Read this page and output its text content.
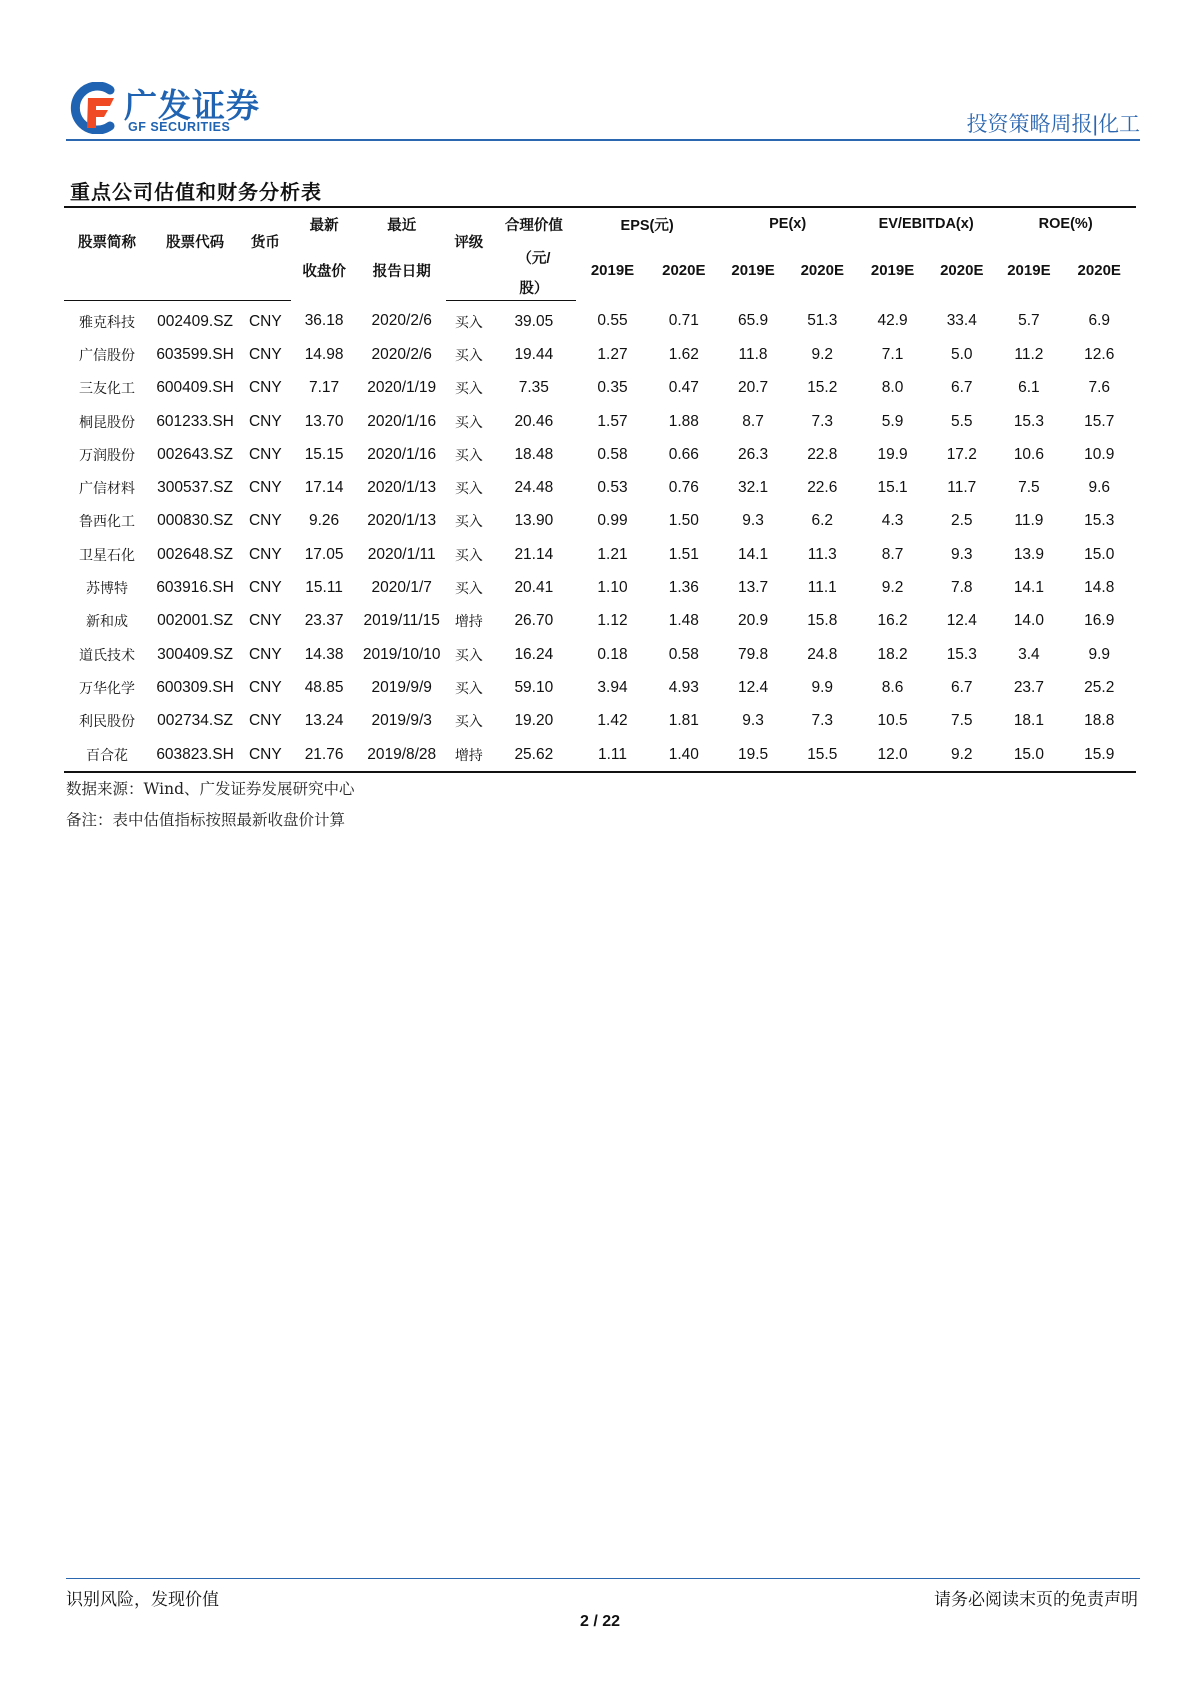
广发证券
GF SECURITIES	投资策略周报|化工
重点公司估值和财务分析表
股票简称	股票代码	货币	最新	最近	评级	合理价值	EPS(元)		PE(x)		EV/EBITDA(x)		ROE(%)	
			收盘价	报告日期		（元/	2019E	2020E	2019E	2020E	2019E	2020E	2019E	2020E
						股）								
雅克科技	002409.SZ	CNY	36.18	2020/2/6	买入	39.05	0.55	0.71	65.9	51.3	42.9	33.4	5.7	6.9
广信股份	603599.SH	CNY	14.98	2020/2/6	买入	19.44	1.27	1.62	11.8	9.2	7.1	5.0	11.2	12.6
三友化工	600409.SH	CNY	7.17	2020/1/19	买入	7.35	0.35	0.47	20.7	15.2	8.0	6.7	6.1	7.6
桐昆股份	601233.SH	CNY	13.70	2020/1/16	买入	20.46	1.57	1.88	8.7	7.3	5.9	5.5	15.3	15.7
万润股份	002643.SZ	CNY	15.15	2020/1/16	买入	18.48	0.58	0.66	26.3	22.8	19.9	17.2	10.6	10.9
广信材料	300537.SZ	CNY	17.14	2020/1/13	买入	24.48	0.53	0.76	32.1	22.6	15.1	11.7	7.5	9.6
鲁西化工	000830.SZ	CNY	9.26	2020/1/13	买入	13.90	0.99	1.50	9.3	6.2	4.3	2.5	11.9	15.3
卫星石化	002648.SZ	CNY	17.05	2020/1/11	买入	21.14	1.21	1.51	14.1	11.3	8.7	9.3	13.9	15.0
苏博特	603916.SH	CNY	15.11	2020/1/7	买入	20.41	1.10	1.36	13.7	11.1	9.2	7.8	14.1	14.8
新和成	002001.SZ	CNY	23.37	2019/11/15	增持	26.70	1.12	1.48	20.9	15.8	16.2	12.4	14.0	16.9
道氏技术	300409.SZ	CNY	14.38	2019/10/10	买入	16.24	0.18	0.58	79.8	24.8	18.2	15.3	3.4	9.9
万华化学	600309.SH	CNY	48.85	2019/9/9	买入	59.10	3.94	4.93	12.4	9.9	8.6	6.7	23.7	25.2
利民股份	002734.SZ	CNY	13.24	2019/9/3	买入	19.20	1.42	1.81	9.3	7.3	10.5	7.5	18.1	18.8
百合花	603823.SH	CNY	21.76	2019/8/28	增持	25.62	1.11	1.40	19.5	15.5	12.0	9.2	15.0	15.9
数据来源：Wind、广发证券发展研究中心
备注：表中估值指标按照最新收盘价计算
识别风险，发现价值	请务必阅读末页的免责声明
2 / 22
